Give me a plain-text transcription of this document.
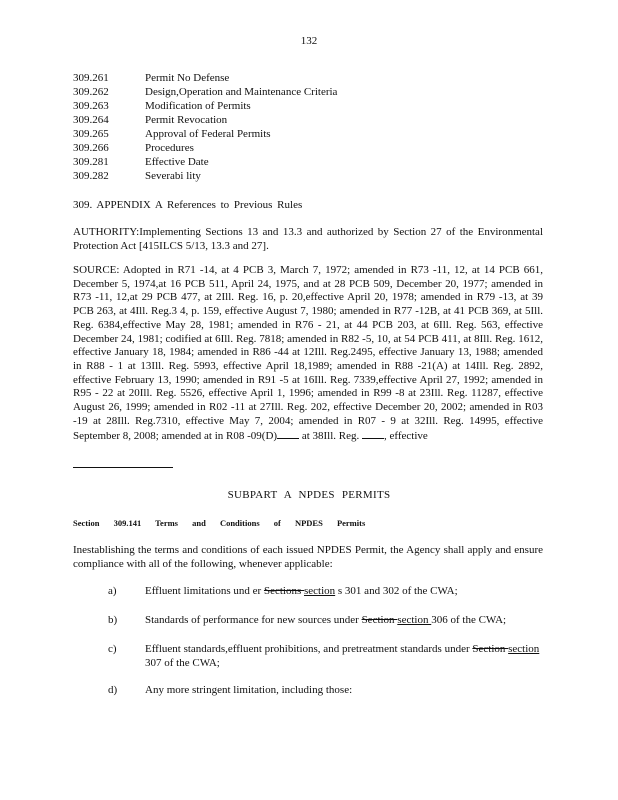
132
309.261	Permit No Defense
309.262	Design,Operation and Maintenance Criteria
309.263	Modification of Permits
309.264	Permit Revocation
309.265	Approval of Federal Permits
309.266	Procedures
309.281	Effective Date
309.282	Severabi lity
309. APPENDIX A References to Previous Rules
AUTHORITY:Implementing Sections 13 and 13.3 and authorized by Section 27 of the Environmental Protection Act [415ILCS 5/13, 13.3 and 27].
SOURCE: Adopted in R71 -14, at 4 PCB 3, March 7, 1972; amended in R73 -11, 12, at 14 PCB 661, December 5, 1974,at 16 PCB 511, April 24, 1975, and at 28 PCB 509, December 20, 1977; amended in R73 -11, 12,at 29 PCB 477, at 2Ill. Reg. 16, p. 20,effective April 20, 1978; amended in R79 -13, at 39 PCB 263, at 4Ill. Reg.3 4, p. 159, effective August 7, 1980; amended in R77 -12B, at 41 PCB 369, at 5Ill. Reg. 6384,effective May 28, 1981; amended in R76 - 21, at 44 PCB 203, at 6Ill. Reg. 563, effective December 24, 1981; codified at 6Ill. Reg. 7818; amended in R82 -5, 10, at 54 PCB 411, at 8Ill. Reg. 1612, effective January 18, 1984; amended in R86 -44 at 12Ill. Reg.2495, effective January 13, 1988; amended in R88 - 1 at 13Ill. Reg. 5993, effective April 18,1989; amended in R88 -21(A) at 14Ill. Reg. 2892, effective February 13, 1990; amended in R91 -5 at 16Ill. Reg. 7339,effective April 27, 1992; amended in R95 - 22 at 20Ill. Reg. 5526, effective April 1, 1996; amended in R99 -8 at 23Ill. Reg. 11287, effective August 26, 1999; amended in R02 -11 at 27Ill. Reg. 202, effective December 20, 2002; amended in R03 -19 at 28Ill. Reg.7310, effective May 7, 2004; amended in R07 - 9 at 32Ill. Reg. 14995, effective September 8, 2008; amended at in R08 -09(D) at 38Ill. Reg. , effective
SUBPART A NPDES PERMITS
Section 309.141 Terms and Conditions of NPDES Permits
Inestablishing the terms and conditions of each issued NPDES Permit, the Agency shall apply and ensure compliance with all of the following, whenever applicable:
a)	Effluent limitations und er Sections section s 301 and 302 of the CWA;
b)	Standards of performance for new sources under Section section 306 of the CWA;
c)	Effluent standards,effluent prohibitions, and pretreatment standards under Section section 307 of the CWA;
d)	Any more stringent limitation, including those:
